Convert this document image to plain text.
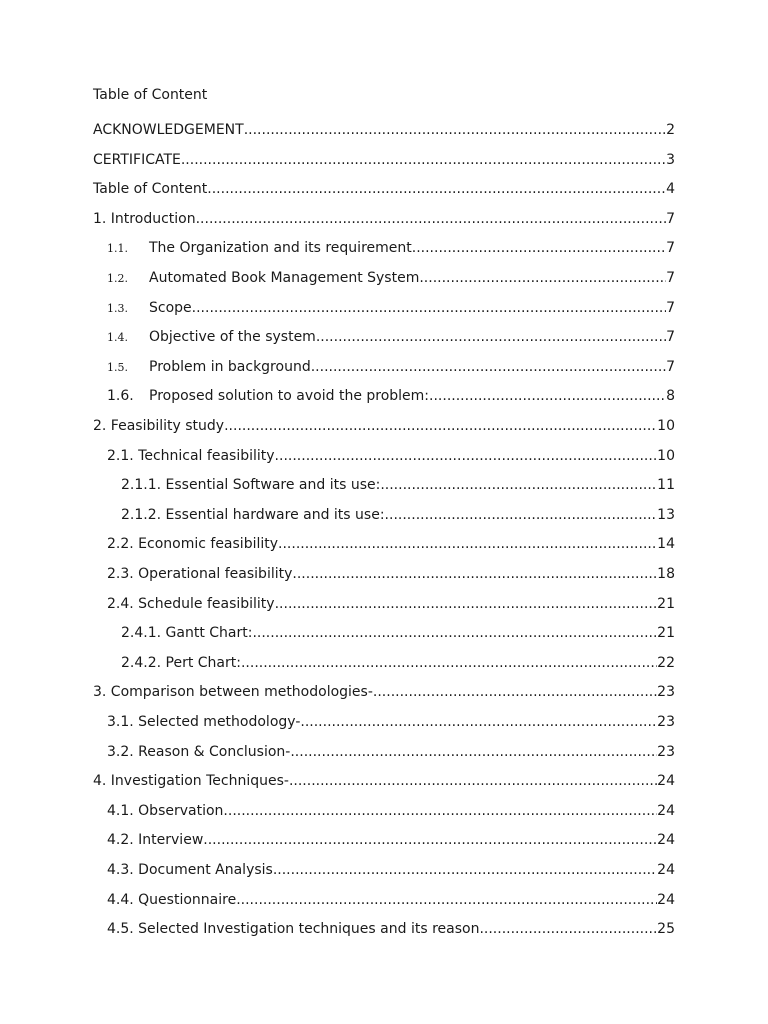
Table of Content
ACKNOWLEDGEMENT .....	2
CERTIFICATE .....	3
Table of Content .....	4
1. Introduction .....	7
1.1.	The Organization and its requirement .....	7
1.2.	Automated Book Management System .....	7
1.3.	Scope .....	7
1.4.	Objective of the system .....	7
1.5.	Problem in background .....	7
1.6.	Proposed solution to avoid the problem: .....	8
2. Feasibility study .....	10
2.1. Technical feasibility .....	10
2.1.1. Essential Software and its use: .....	11
2.1.2. Essential hardware and its use: .....	13
2.2. Economic feasibility .....	14
2.3. Operational feasibility .....	18
2.4. Schedule feasibility .....	21
2.4.1. Gantt Chart: .....	21
2.4.2. Pert Chart: .....	22
3. Comparison between methodologies- .....	23
3.1. Selected methodology- .....	23
3.2. Reason & Conclusion- .....	23
4. Investigation Techniques- .....	24
4.1. Observation .....	24
4.2. Interview .....	24
4.3. Document Analysis .....	24
4.4. Questionnaire .....	24
4.5. Selected Investigation techniques and its reason .....	25
